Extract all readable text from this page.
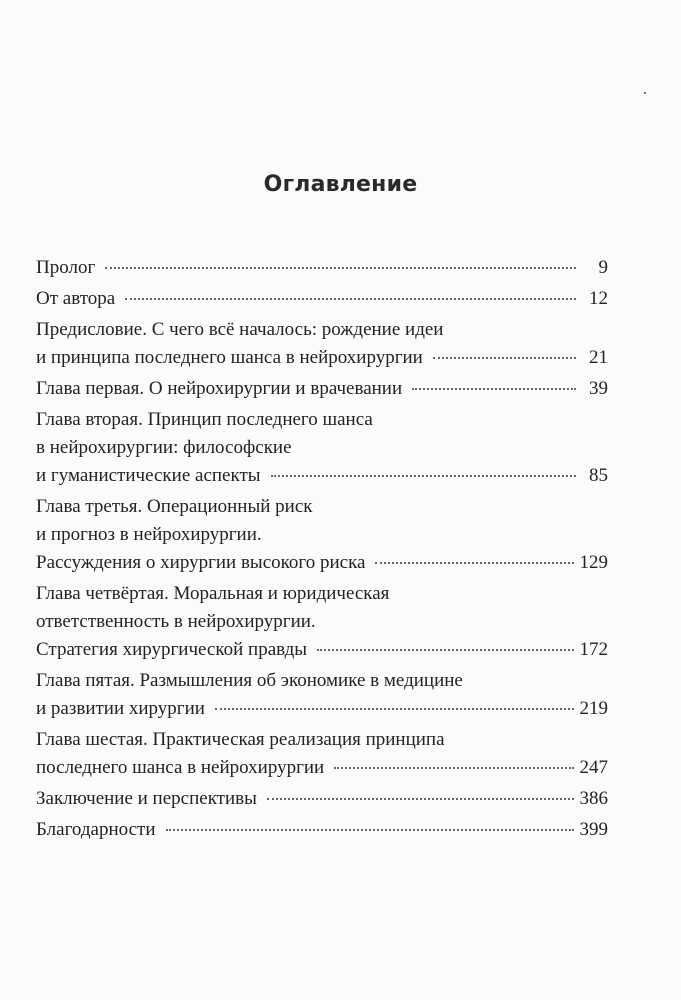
Оглавление
Пролог	9
От автора	12
Предисловие. С чего всё началось: рождение идеи
и принципа последнего шанса в нейрохирургии	21
Глава первая. О нейрохирургии и врачевании	39
Глава вторая. Принцип последнего шанса
в нейрохирургии: философские
и гуманистические аспекты	85
Глава третья. Операционный риск
и прогноз в нейрохирургии.
Рассуждения о хирургии высокого риска	129
Глава четвёртая. Моральная и юридическая
ответственность в нейрохирургии.
Стратегия хирургической правды	172
Глава пятая. Размышления об экономике в медицине
и развитии хирургии	219
Глава шестая. Практическая реализация принципа
последнего шанса в нейрохирургии	247
Заключение и перспективы	386
Благодарности	399
